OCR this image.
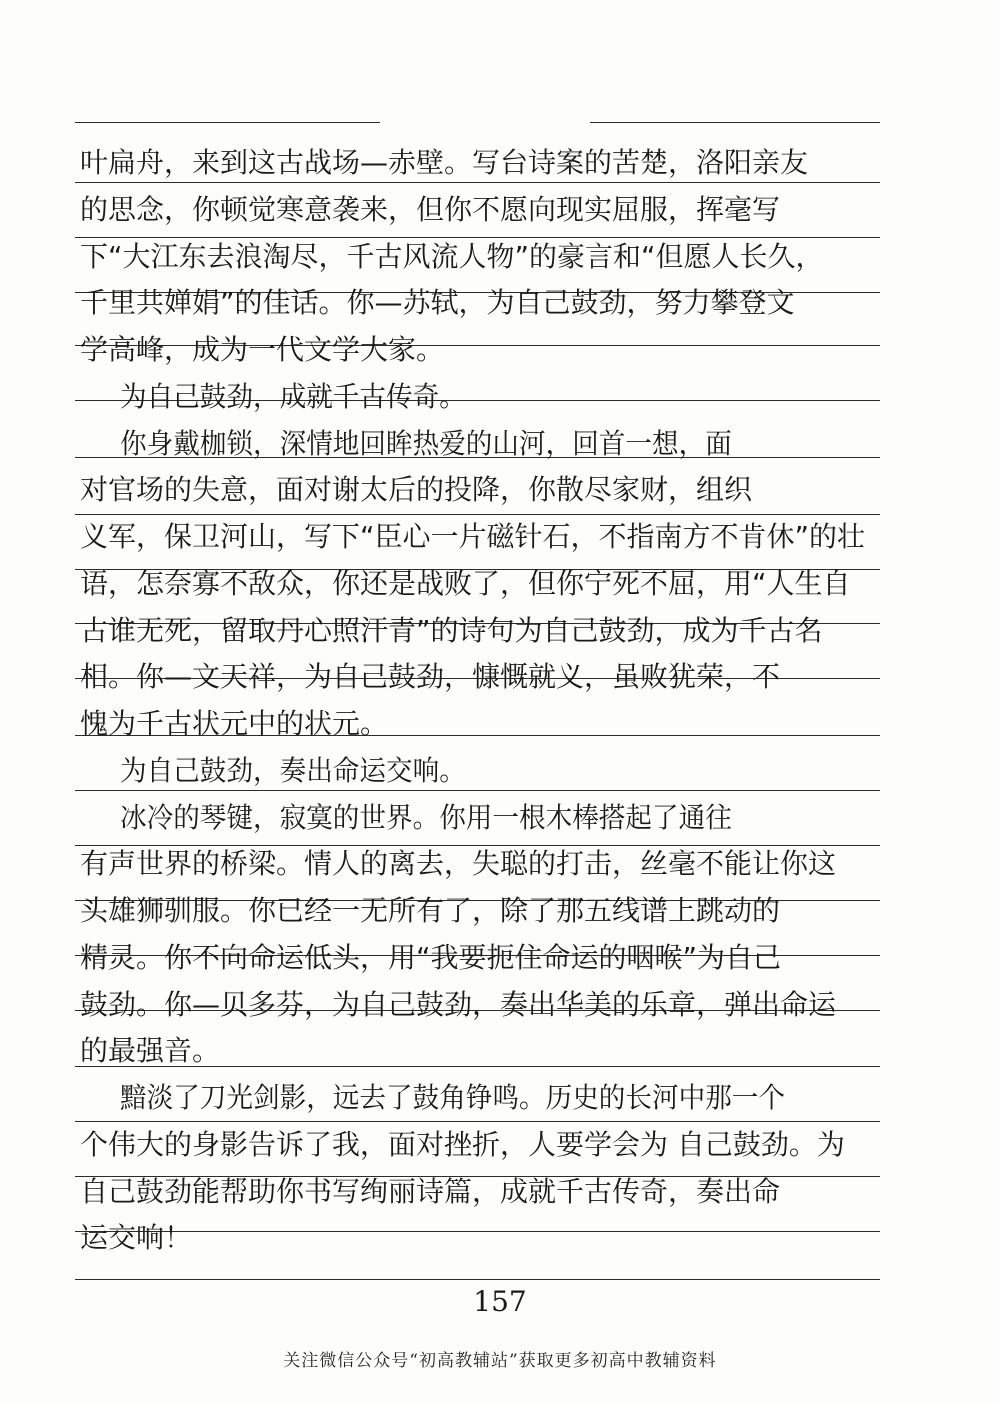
157
关注微信公众号“初高教辅站”获取更多初高中教辅资料
叶扁舟，来到这古战场—赤壁。写台诗案的苦楚，洛阳亲友
的思念，你顿觉寒意袭来，但你不愿向现实屈服，挥毫写
下“大江东去浪淘尽，千古风流人物”的豪言和“但愿人长久，
千里共婵娟”的佳话。你—苏轼，为自己鼓劲，努力攀登文
学高峰，成为一代文学大家。
为自己鼓劲，成就千古传奇。
你身戴枷锁，深情地回眸热爱的山河，回首一想，面
对官场的失意，面对谢太后的投降，你散尽家财，组织
义军，保卫河山，写下“臣心一片磁针石，不指南方不肯休”的壮
语，怎奈寡不敌众，你还是战败了，但你宁死不屈，用“人生自
古谁无死，留取丹心照汗青”的诗句为自己鼓劲，成为千古名
相。你—文天祥，为自己鼓劲，慷慨就义，虽败犹荣，不
愧为千古状元中的状元。
为自己鼓劲，奏出命运交响。
冰冷的琴键，寂寞的世界。你用一根木棒搭起了通往
有声世界的桥梁。情人的离去，失聪的打击，丝毫不能让你这
头雄狮驯服。你已经一无所有了，除了那五线谱上跳动的
精灵。你不向命运低头，用“我要扼住命运的咽喉”为自己
鼓劲。你—贝多芬，为自己鼓劲，奏出华美的乐章，弹出命运
的最强音。
黯淡了刀光剑影，远去了鼓角铮鸣。历史的长河中那一个
个伟大的身影告诉了我，面对挫折，人要学会为 自己鼓劲。为
自己鼓劲能帮助你书写绚丽诗篇，成就千古传奇，奏出命
运交响！
